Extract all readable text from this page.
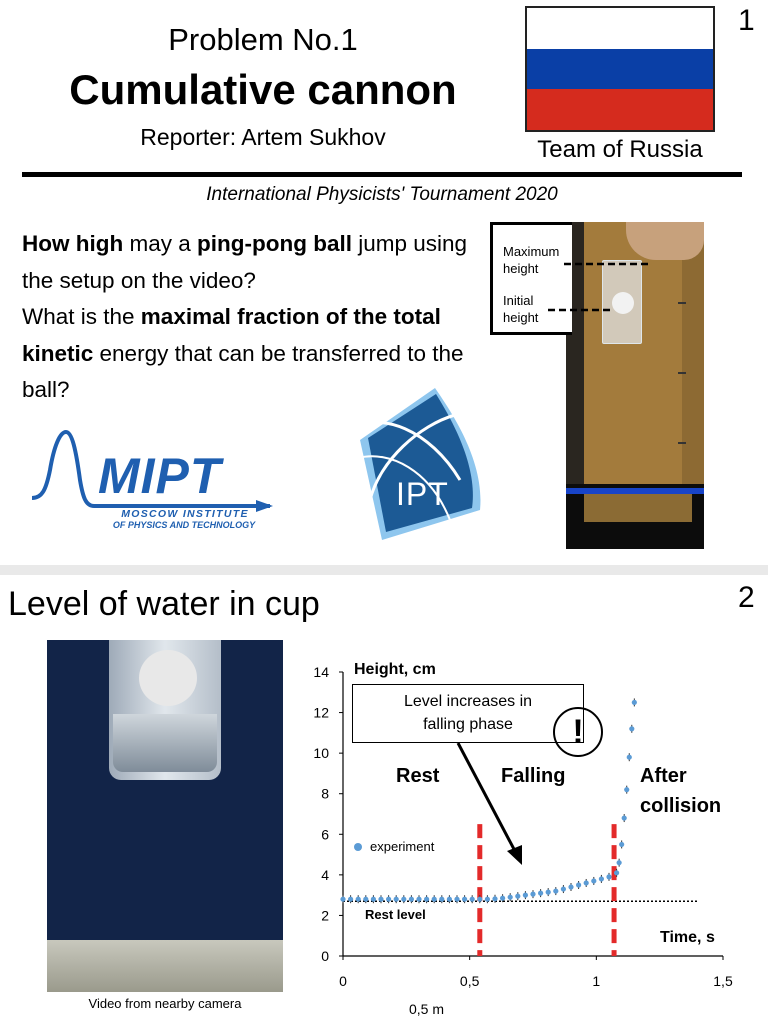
Problem No.1
Cumulative cannon
Reporter: Artem Sukhov
1
Team of Russia
International Physicists' Tournament 2020
How high may a ping-pong ball jump using the setup on the video?
What is the maximal fraction of the total kinetic energy that can be transferred to the ball?
MIPT
MOSCOW INSTITUTE
OF PHYSICS AND TECHNOLOGY
IPT
Maximum
height
Initial
height
Level of water in cup	2
Video from nearby camera	0,5 m
0
2
4
6
8
10
12
14
0	0,5	1	1,5
Height, cm
Time, s
Level increases in
falling phase	!
Rest	Falling	After
collision
Rest level
experiment
